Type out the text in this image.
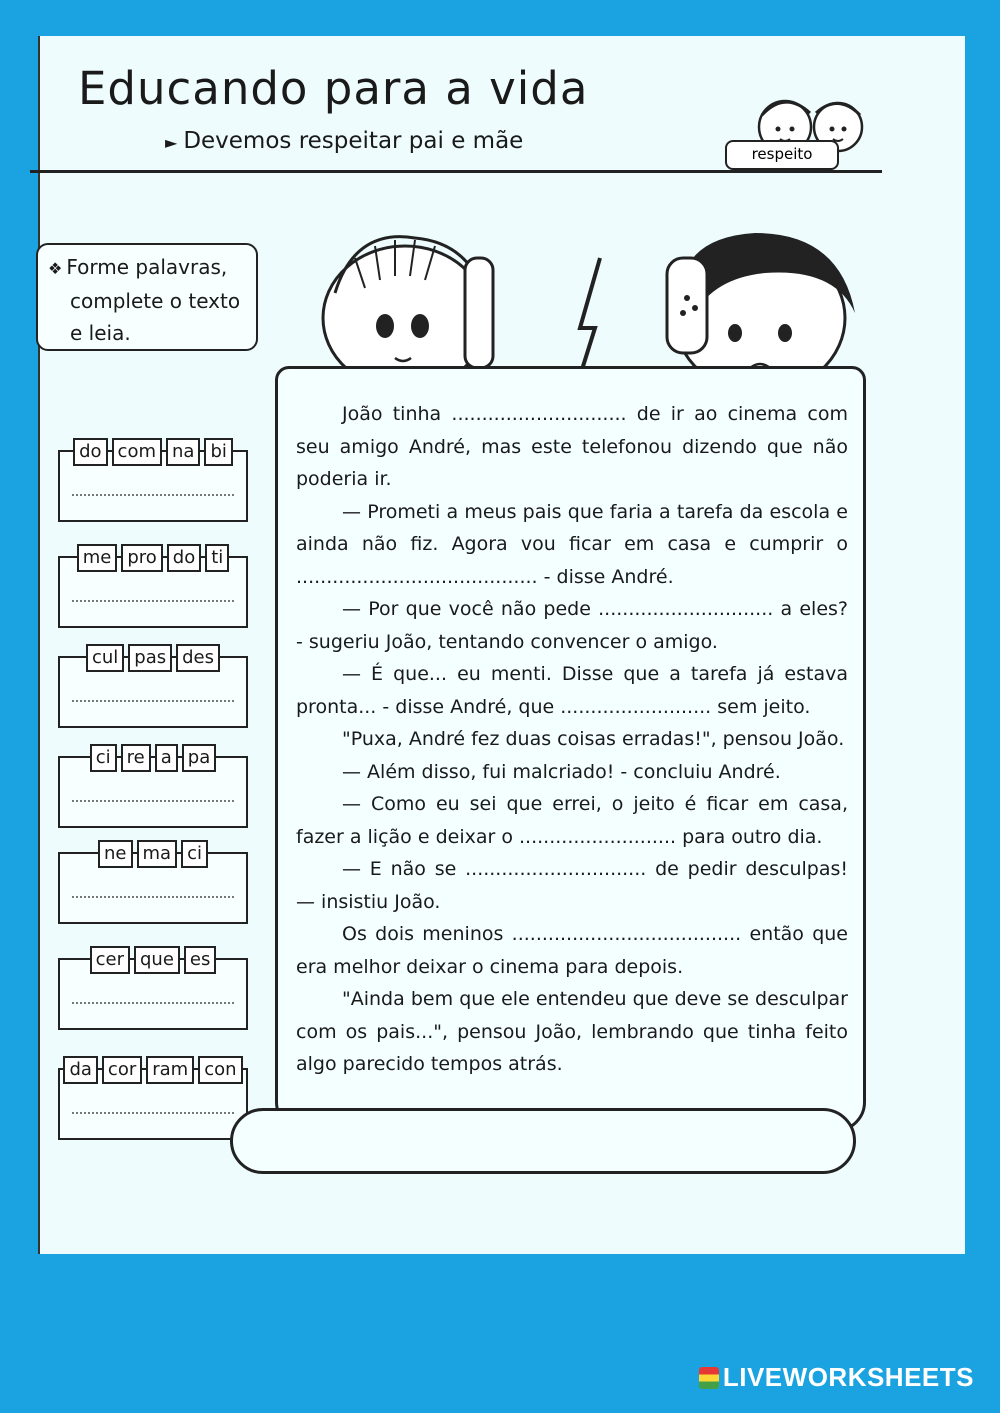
Educando para a vida
► Devemos respeitar pai e mãe	respeito
❖ Forme palavras,
complete o texto
e leia.
do com na bi
me pro do ti
cul pas des
ci re a pa
ne ma ci
cer que es
da cor ram con

João tinha ............................. de ir ao cinema com seu amigo André, mas este telefonou dizendo que não poderia ir.

— Prometi a meus pais que faria a tarefa da escola e ainda não fiz. Agora vou ficar em casa e cumprir o ........................................ - disse André.

— Por que você não pede ............................. a eles? - sugeriu João, tentando convencer o amigo.

— É que... eu menti. Disse que a tarefa já estava pronta... - disse André, que ......................... sem jeito.

"Puxa, André fez duas coisas erradas!", pensou João.

— Além disso, fui malcriado! - concluiu André.

— Como eu sei que errei, o jeito é ficar em casa, fazer a lição e deixar o .......................... para outro dia.

— E não se .............................. de pedir desculpas! — insistiu João.

Os dois meninos ...................................... então que era melhor deixar o cinema para depois.

"Ainda bem que ele entendeu que deve se desculpar com os pais...", pensou João, lembrando que tinha feito algo parecido tempos atrás.

LIVEWORKSHEETS
